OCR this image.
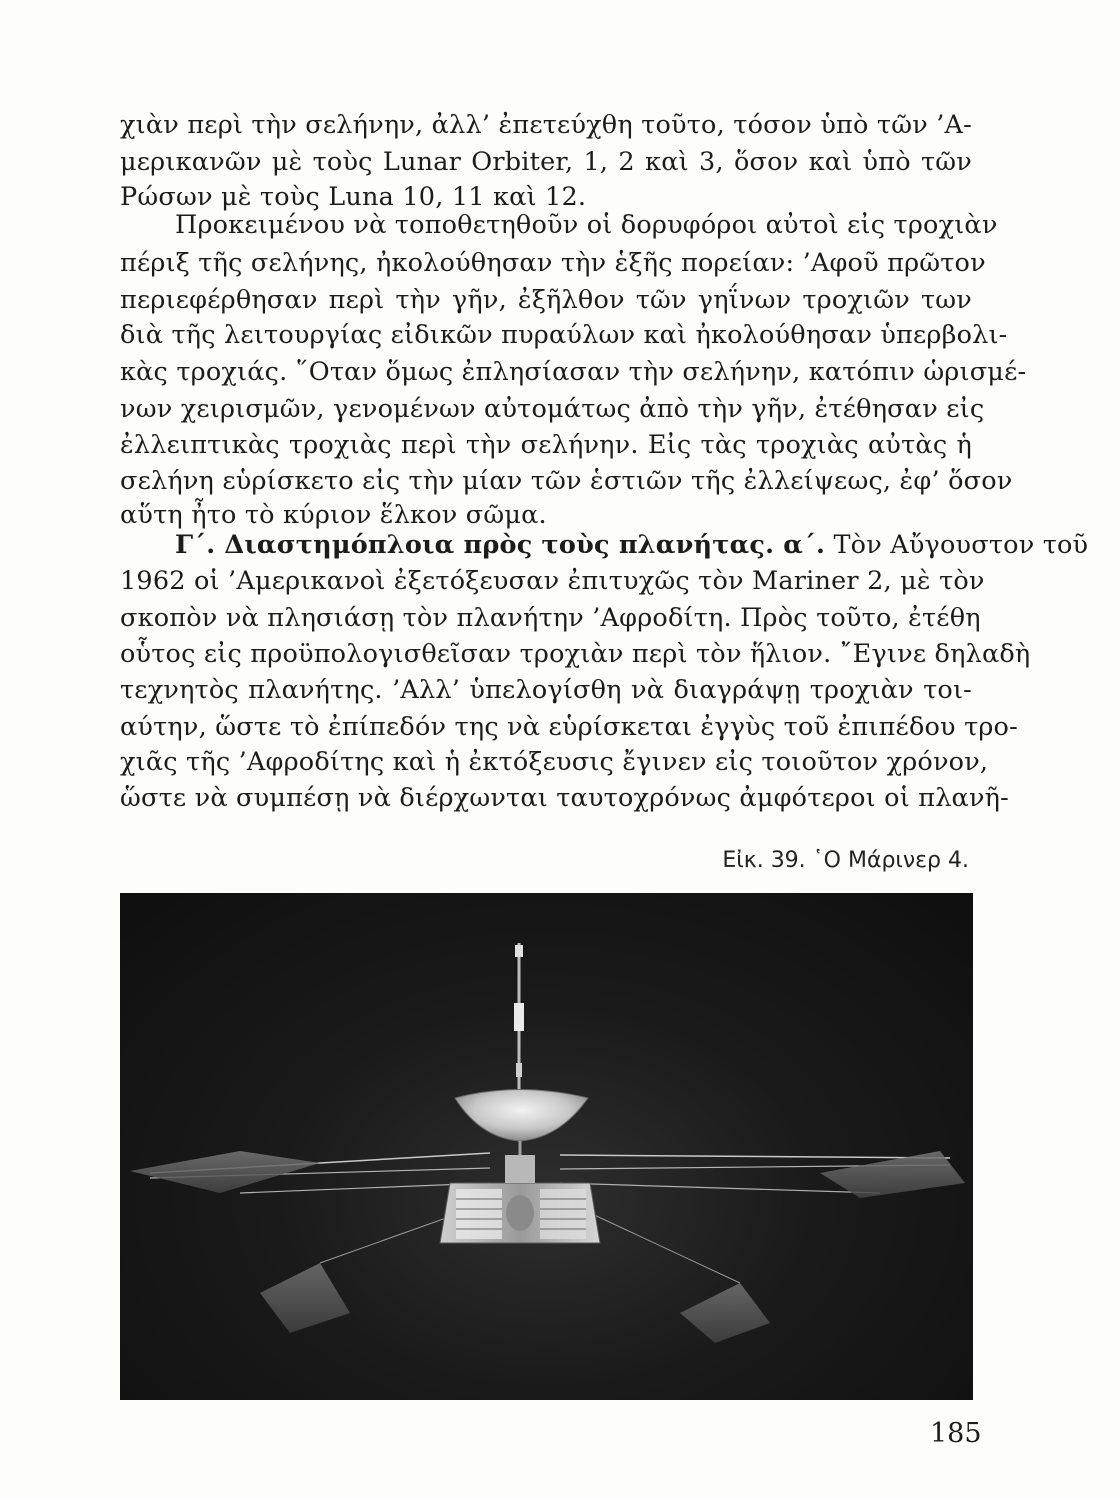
χιὰν περὶ τὴν σελήνην, ἀλλ’ ἐπετεύχθη τοῦτο, τόσον ὑπὸ τῶν ’Α-
μερικανῶν μὲ τοὺς Lunar Orbiter, 1, 2 καὶ 3, ὅσον καὶ ὑπὸ τῶν
Ρώσων μὲ τοὺς Luna 10, 11 καὶ 12.
Προκειμένου νὰ τοποθετηθοῦν οἱ δορυφόροι αὐτοὶ εἰς τροχιὰν
πέριξ τῆς σελήνης, ἠκολούθησαν τὴν ἑξῆς πορείαν: ’Αφοῦ πρῶτον
περιεφέρθησαν περὶ τὴν γῆν, ἐξῆλθον τῶν γηΐνων τροχιῶν των
διὰ τῆς λειτουργίας εἰδικῶν πυραύλων καὶ ἠκολούθησαν ὑπερβολι-
κὰς τροχιάς. ῞Οταν ὅμως ἐπλησίασαν τὴν σελήνην, κατόπιν ὡρισμέ-
νων χειρισμῶν, γενομένων αὐτομάτως ἀπὸ τὴν γῆν, ἐτέθησαν εἰς
ἐλλειπτικὰς τροχιὰς περὶ τὴν σελήνην. Εἰς τὰς τροχιὰς αὐτὰς ἡ
σελήνη εὑρίσκετο εἰς τὴν μίαν τῶν ἑστιῶν τῆς ἐλλείψεως, ἐφ’ ὅσον
αὕτη ἦτο τὸ κύριον ἕλκον σῶμα.
Γ΄. Διαστημόπλοια πρὸς τοὺς πλανήτας. α΄. Τὸν Αὔγουστον τοῦ
1962 οἱ ’Αμερικανοὶ ἐξετόξευσαν ἐπιτυχῶς τὸν Mariner 2, μὲ τὸν
σκοπὸν νὰ πλησιάσῃ τὸν πλανήτην ’Αφροδίτη. Πρὸς τοῦτο, ἐτέθη
οὗτος εἰς προϋπολογισθεῖσαν τροχιὰν περὶ τὸν ἥλιον. ῎Εγινε δηλαδὴ
τεχνητὸς πλανήτης. ’Αλλ’ ὑπελογίσθη νὰ διαγράψῃ τροχιὰν τοι-
αύτην, ὥστε τὸ ἐπίπεδόν της νὰ εὑρίσκεται ἐγγὺς τοῦ ἐπιπέδου τρο-
χιᾶς τῆς ’Αφροδίτης καὶ ἡ ἐκτόξευσις ἔγινεν εἰς τοιοῦτον χρόνον,
ὥστε νὰ συμπέσῃ νὰ διέρχωνται ταυτοχρόνως ἀμφότεροι οἱ πλανῆ-
Εἰκ. 39. ῾Ο Μάρινερ 4.
185
